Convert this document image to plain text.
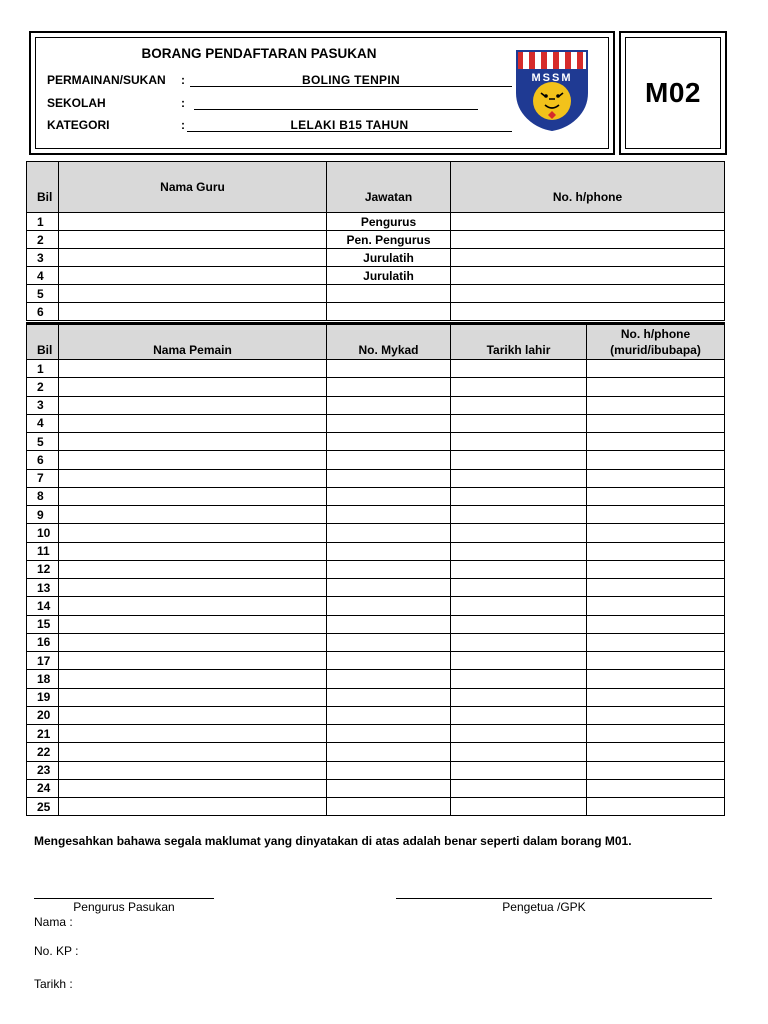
M02
BORANG PENDAFTARAN PASUKAN
PERMAINAN/SUKAN :	BOLING TENPIN
SEKOLAH	:
KATEGORI	:	LELAKI B15 TAHUN
MSSM
Bil	Nama Guru	Jawatan	No. h/phone
1		Pengurus	
2		Pen. Pengurus	
3		Jurulatih	
4		Jurulatih	
5			
6			
Bil	Nama Pemain	No. Mykad	Tarikh lahir	No. h/phone
(murid/ibubapa)

1				
2				
3				
4				
5				
6				
7				
8				
9				
10				
11				
12				
13				
14				
15				
16				
17				
18				
19				
20				
21				
22				
23				
24				
25				
Mengesahkan bahawa segala maklumat yang dinyatakan di atas adalah benar seperti dalam borang M01.
Pengurus Pasukan	Pengetua /GPK
Nama :
No. KP :
Tarikh :
